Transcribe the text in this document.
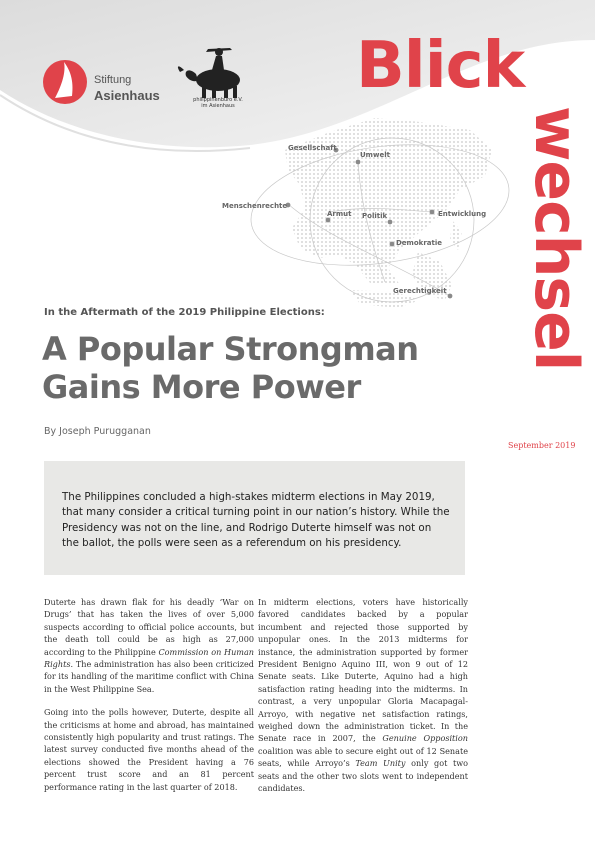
Stiftung
Asienhaus	philippinenbüro e.V. im Asienhaus
Blick
wechsel
September 2019
Gesellschaft
Umwelt
Menschenrechte
Armut Politik	Entwicklung
Demokratie
Gerechtigkeit
In the Aftermath of the 2019 Philippine Elections:
A Popular Strongman Gains More Power
By Joseph Purugganan
The Philippines concluded a high-stakes midterm elections in May 2019, that many consider a critical turning point in our nation’s history. While the Presidency was not on the line, and Rodrigo Duterte himself was not on the ballot, the polls were seen as a referendum on his presidency.

Duterte has drawn flak for his deadly ‘War on Drugs’ that has taken the lives of over 5,000 suspects according to official police accounts, but the death toll could be as high as 27,000 according to the Philippine Commission on Human Rights. The administration has also been criticized for its handling of the maritime conflict with China in the West Philippine Sea.

Going into the polls however, Duterte, despite all the criticisms at home and abroad, has maintained consistently high popularity and trust ratings. The latest survey conducted five months ahead of the elections showed the President having a 76 percent trust score and an 81 percent performance rating in the last quarter of 2018.

In midterm elections, voters have historically favored candidates backed by a popular incumbent and rejected those supported by unpopular ones. In the 2013 midterms for instance, the administration supported by former President Benigno Aquino III, won 9 out of 12 Senate seats. Like Duterte, Aquino had a high satisfaction rating heading into the midterms. In contrast, a very unpopular Gloria Macapagal-Arroyo, with negative net satisfaction ratings, weighed down the administration ticket. In the Senate race in 2007, the Genuine Opposition coalition was able to secure eight out of 12 Senate seats, while Arroyo’s Team Unity only got two seats and the other two slots went to independent candidates.
